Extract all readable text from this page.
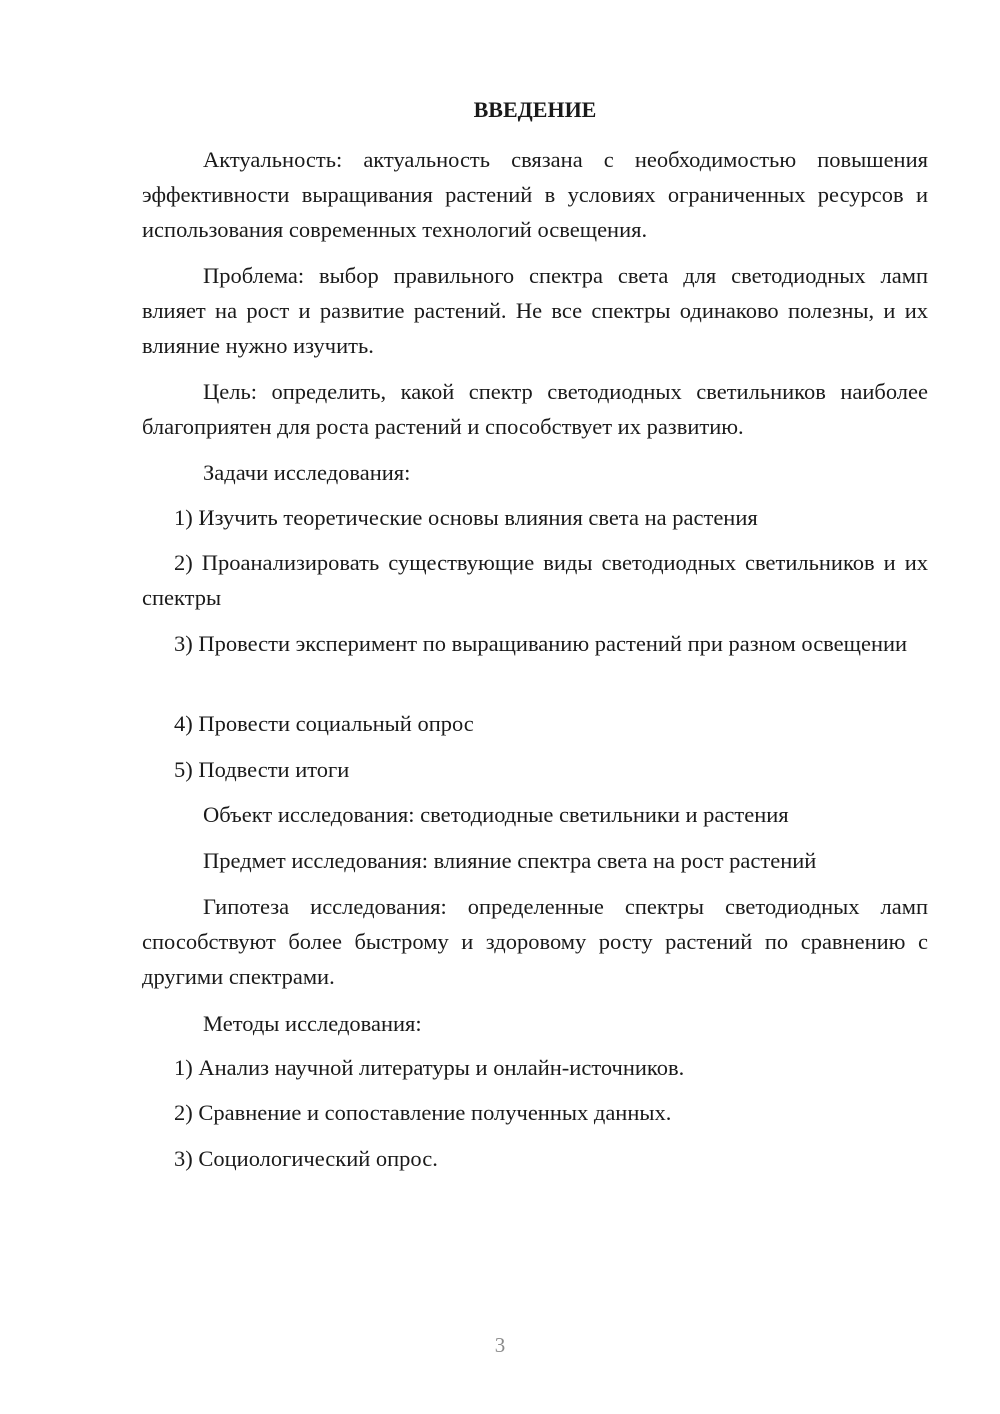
ВВЕДЕНИЕ

Актуальность: актуальность связана с необходимостью повышения эффективности выращивания растений в условиях ограниченных ресурсов и использования современных технологий освещения.

Проблема: выбор правильного спектра света для светодиодных ламп влияет на рост и развитие растений. Не все спектры одинаково полезны, и их влияние нужно изучить.

Цель: определить, какой спектр светодиодных светильников наиболее благоприятен для роста растений и способствует их развитию.

Задачи исследования:

1) Изучить теоретические основы влияния света на растения

2) Проанализировать существующие виды светодиодных светильников и их спектры

3) Провести эксперимент по выращиванию растений при разном освещении

4) Провести социальный опрос

5) Подвести итоги

Объект исследования: светодиодные светильники и растения

Предмет исследования: влияние спектра света на рост растений

Гипотеза исследования: определенные спектры светодиодных ламп способствуют более быстрому и здоровому росту растений по сравнению с другими спектрами.

Методы исследования:

1) Анализ научной литературы и онлайн-источников.

2) Сравнение и сопоставление полученных данных.

3) Социологический опрос.

3
